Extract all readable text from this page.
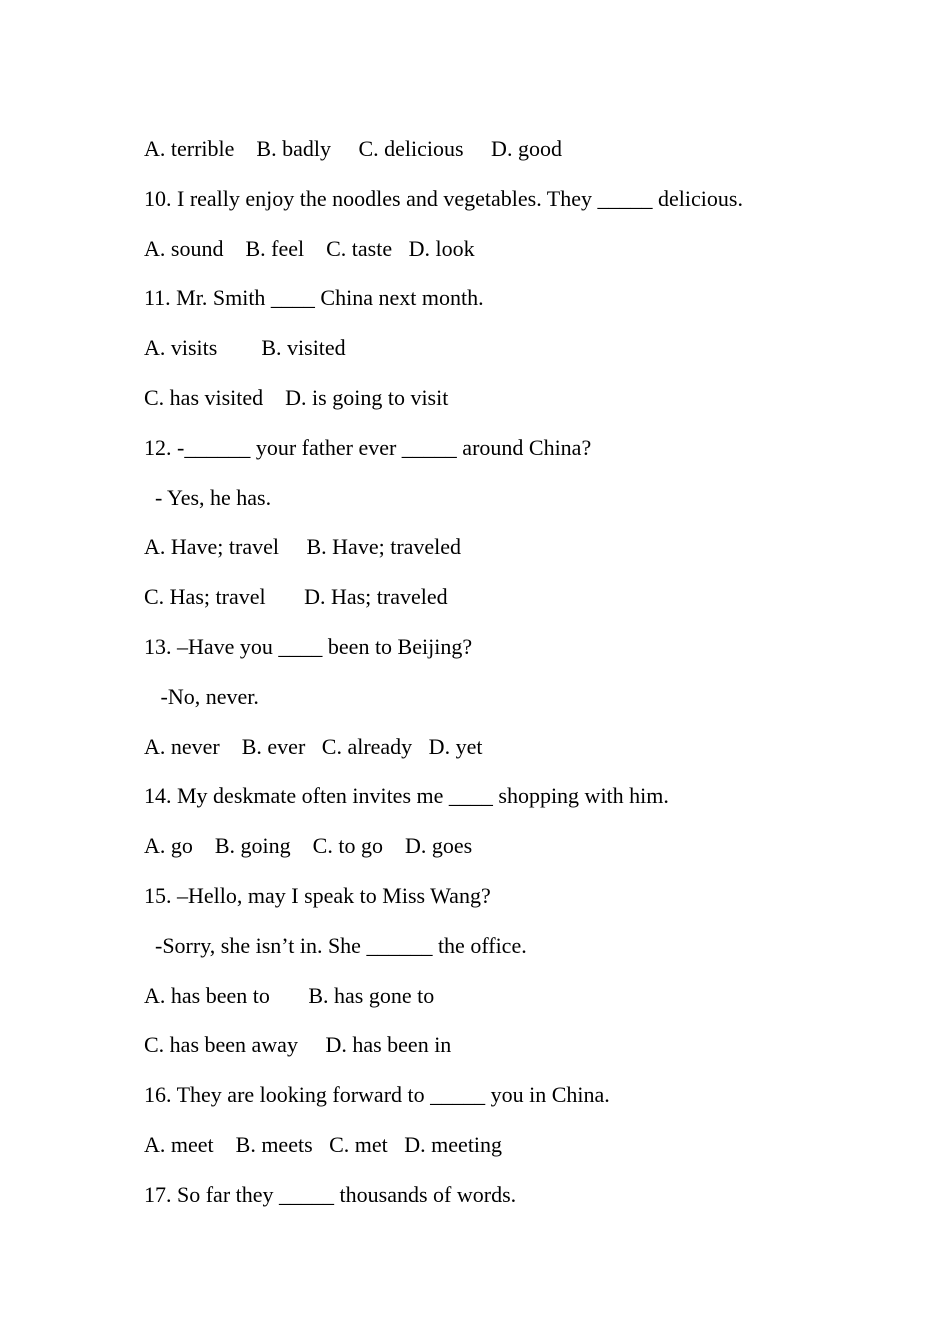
A. terrible    B. badly     C. delicious     D. good
10. I really enjoy the noodles and vegetables. They _____ delicious.
A. sound    B. feel    C. taste   D. look
11. Mr. Smith ____ China next month.
A. visits        B. visited
C. has visited    D. is going to visit
12. -______ your father ever _____ around China?
- Yes, he has.
A. Have; travel     B. Have; traveled
C. Has; travel       D. Has; traveled
13. –Have you ____ been to Beijing?
-No, never.
A. never    B. ever   C. already   D. yet
14. My deskmate often invites me ____ shopping with him.
A. go    B. going    C. to go    D. goes
15. –Hello, may I speak to Miss Wang?
-Sorry, she isn’t in. She ______ the office.
A. has been to       B. has gone to
C. has been away     D. has been in
16. They are looking forward to _____ you in China.
A. meet    B. meets   C. met   D. meeting
17. So far they _____ thousands of words.
